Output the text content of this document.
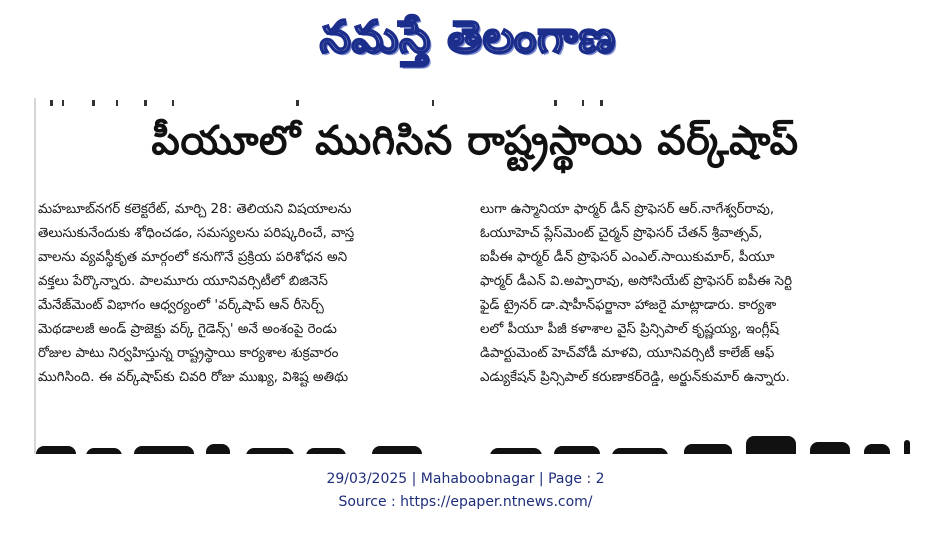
నమస్తే తెలంగాణ
పీయూలో ముగిసిన రాష్ట్రస్థాయి వర్క్‌షాప్
మహబూబ్‌నగర్ కలెక్టరేట్, మార్చి 28: తెలియని విషయాలను
తెలుసుకునేందుకు శోధించడం, సమస్యలను పరిష్కరించే, వాస్త
వాలను వ్యవస్థీకృత మార్గంలో కనుగొనే ప్రక్రియ పరిశోధన అని
వక్తలు పేర్కొన్నారు. పాలమూరు యూనివర్సిటీలో బిజినెస్
మేనేజ్‌మెంట్ విభాగం ఆధ్వర్యంలో 'వర్క్‌షాప్ ఆన్ రీసెర్చ్
మెథడాలజీ అండ్ ప్రాజెక్టు వర్క్ గైడెన్స్' అనే అంశంపై రెండు
రోజుల పాటు నిర్వహిస్తున్న రాష్ట్రస్థాయి కార్యశాల శుక్రవారం
ముగిసింది. ఈ వర్క్‌షాప్‌కు చివరి రోజు ముఖ్య, విశిష్ట అతిథు
లుగా ఉస్మానియా ఫార్మర్ డీన్ ప్రొఫెసర్ ఆర్.నాగేశ్వర్‌రావు,
ఓయూహెచ్ ప్లేస్‌మెంట్ చైర్మన్ ప్రొఫెసర్ చేతన్ శ్రీవాత్సవ్,
ఐపీఈ ఫార్మర్ డీన్ ప్రొఫెసర్ ఎంఎల్.సాయికుమార్, పీయూ
ఫార్మర్ డీఎన్ వి.అప్పారావు, అసోసియేట్ ప్రొఫెసర్ ఐపీఈ సెర్టి
ఫైడ్ ట్రైనర్ డా.షాహీన్‌ఫర్జానా హాజరై మాట్లాడారు. కార్యశా
లలో పీయూ పీజీ కళాశాల వైస్ ప్రిన్సిపాల్ కృష్ణయ్య, ఇంగ్లీష్
డిపార్టుమెంట్ హెచ్‌వోడీ మాళవి, యూనివర్సిటీ కాలేజ్ ఆఫ్
ఎడ్యుకేషన్ ప్రిన్సిపాల్ కరుణాకర్‌రెడ్డి, అర్జున్‌కుమార్ ఉన్నారు.
29/03/2025 | Mahaboobnagar | Page : 2
Source : https://epaper.ntnews.com/
